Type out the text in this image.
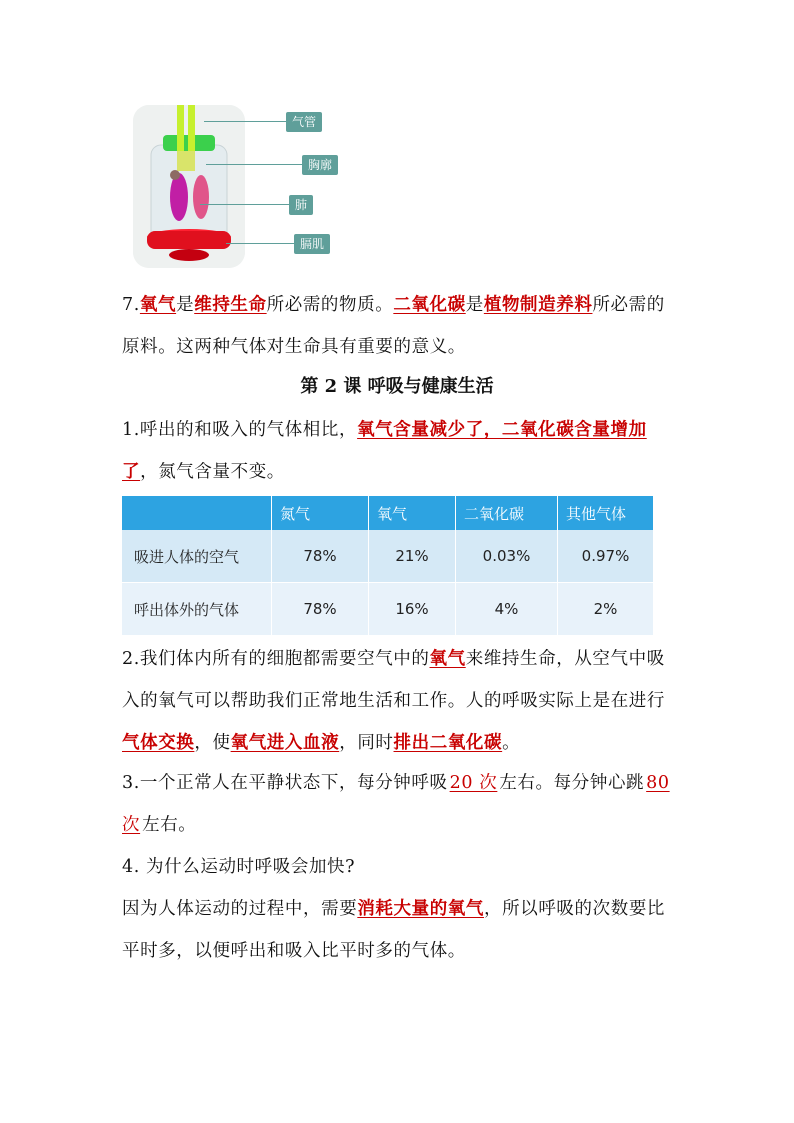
气管
胸廓
肺
膈肌

7.氧气是维持生命所必需的物质。二氧化碳是植物制造养料所必需的原料。这两种气体对生命具有重要的意义。

第 2 课 呼吸与健康生活

1.呼出的和吸入的气体相比，氧气含量减少了，二氧化碳含量增加了，氮气含量不变。

	氮气	氧气	二氧化碳	其他气体
吸进人体的空气	78%	21%	0.03%	0.97%
呼出体外的气体	78%	16%	4%	2%

2.我们体内所有的细胞都需要空气中的氧气来维持生命，从空气中吸入的氧气可以帮助我们正常地生活和工作。人的呼吸实际上是在进行气体交换，使氧气进入血液，同时排出二氧化碳。

3.一个正常人在平静状态下，每分钟呼吸 20 次 左右。每分钟心跳 80 次 左右。

4. 为什么运动时呼吸会加快?

因为人体运动的过程中，需要消耗大量的氧气，所以呼吸的次数要比平时多，以便呼出和吸入比平时多的气体。
